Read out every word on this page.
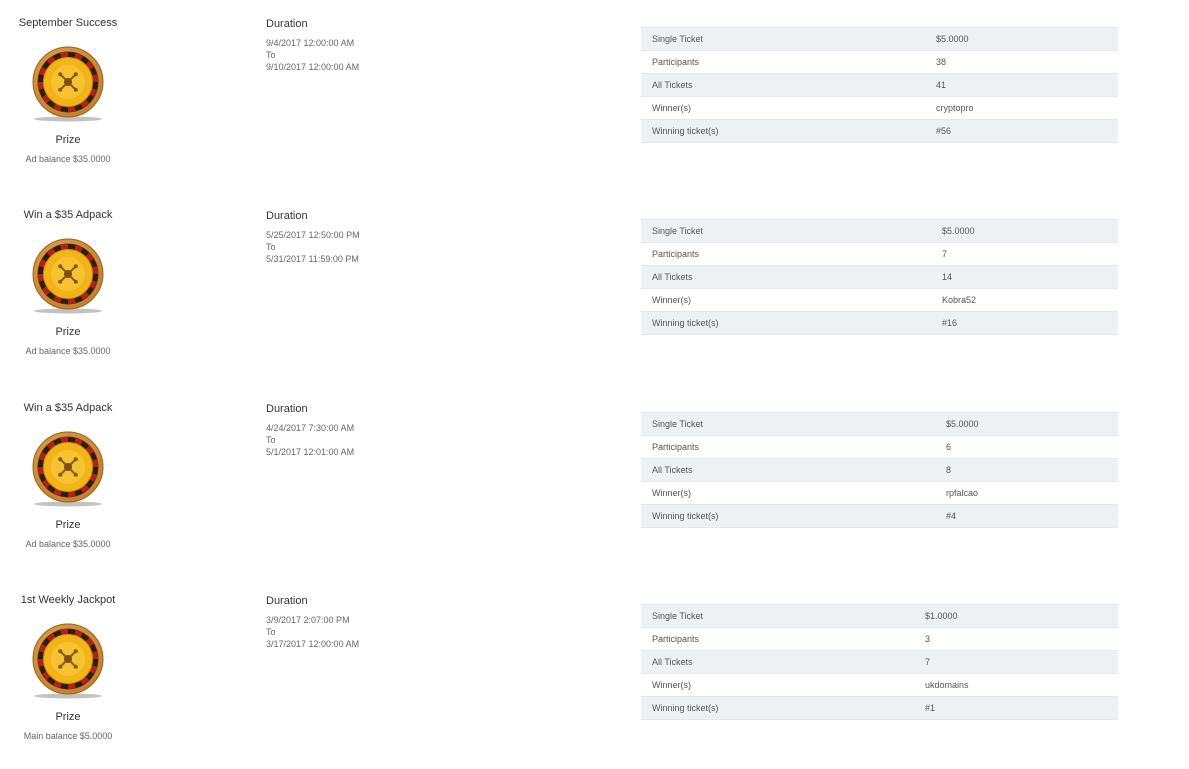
September Success
Prize
Ad balance $35.0000
Duration
9/4/2017 12:00:00 AM
To
9/10/2017 12:00:00 AM
Single Ticket	$5.0000
Participants	38
All Tickets	41
Winner(s)	cryptopro
Winning ticket(s)	#56
Win a $35 Adpack
Prize
Ad balance $35.0000
Duration
5/25/2017 12:50:00 PM
To
5/31/2017 11:59:00 PM
Single Ticket	$5.0000
Participants	7
All Tickets	14
Winner(s)	Kobra52
Winning ticket(s)	#16
Win a $35 Adpack
Prize
Ad balance $35.0000
Duration
4/24/2017 7:30:00 AM
To
5/1/2017 12:01:00 AM
Single Ticket	$5.0000
Participants	6
All Tickets	8
Winner(s)	rpfalcao
Winning ticket(s)	#4
1st Weekly Jackpot
Prize
Main balance $5.0000
Duration
3/9/2017 2:07:00 PM
To
3/17/2017 12:00:00 AM
Single Ticket	$1.0000
Participants	3
All Tickets	7
Winner(s)	ukdomains
Winning ticket(s)	#1
